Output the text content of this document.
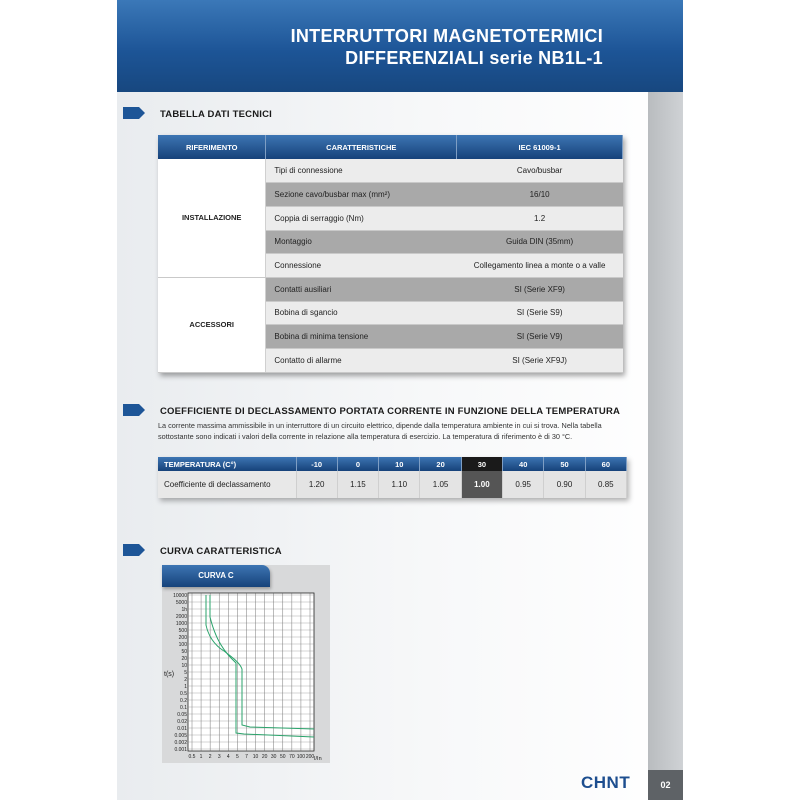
INTERRUTTORI MAGNETOTERMICI
DIFFERENZIALI serie NB1L-1
TABELLA DATI TECNICI
RIFERIMENTO	CARATTERISTICHE	IEC 61009-1
INSTALLAZIONE	Tipi di connessione	Cavo/busbar
	Sezione cavo/busbar max (mm²)	16/10
	Coppia di serraggio (Nm)	1.2
	Montaggio	Guida DIN (35mm)
	Connessione	Collegamento linea a monte o a valle
ACCESSORI	Contatti ausiliari	SI (Serie XF9)
	Bobina di sgancio	SI (Serie S9)
	Bobina di minima tensione	SI (Serie V9)
	Contatto di allarme	SI (Serie XF9J)
COEFFICIENTE DI DECLASSAMENTO PORTATA CORRENTE IN FUNZIONE DELLA TEMPERATURA
La corrente massima ammissibile in un interruttore di un circuito elettrico, dipende dalla temperatura ambiente in cui si trova. Nella tabella sottostante sono indicati i valori della corrente in relazione alla temperatura di esercizio. La temperatura di riferimento è di 30 °C.
TEMPERATURA (C°)	-10	0	10	20	30	40	50	60
Coefficiente di declassamento	1.20	1.15	1.10	1.05	1.00	0.95	0.90	0.85
CURVA CARATTERISTICA
CURVA C
10000
5000
1h
2000
1000
500
200
100
50
20
10
5
2
1
0.5
0.2
0.1
0.05
0.02
0.01
0.005
0.002
0.001
0.5 1 2 3 4 5 7 10 20 30 50 70 100 200
t(s)
I/In
CHNT	02
